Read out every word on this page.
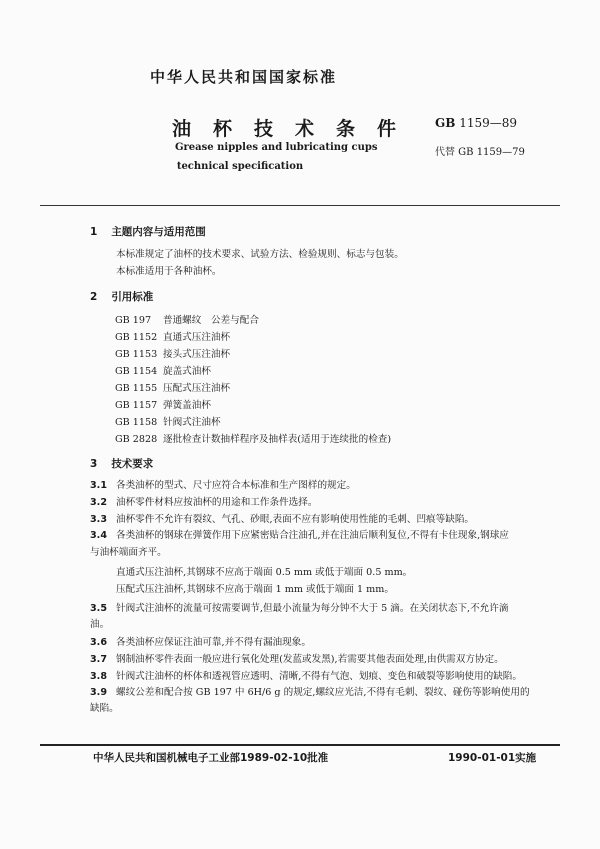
中华人民共和国国家标准
油杯技术条件 GB 1159—89
代替 GB 1159—79
Grease nipples and lubricating cups
technical specification
1 主题内容与适用范围
本标准规定了油杯的技术要求、试验方法、检验规则、标志与包装。
本标准适用于各种油杯。
2 引用标准
GB 197 普通螺纹　公差与配合
GB 1152 直通式压注油杯
GB 1153 接头式压注油杯
GB 1154 旋盖式油杯
GB 1155 压配式压注油杯
GB 1157 弹簧盖油杯
GB 1158 针阀式注油杯
GB 2828 逐批检查计数抽样程序及抽样表(适用于连续批的检查)
3 技术要求
3.1 各类油杯的型式、尺寸应符合本标准和生产图样的规定。
3.2 油杯零件材料应按油杯的用途和工作条件选择。
3.3 油杯零件不允许有裂纹、气孔、砂眼,表面不应有影响使用性能的毛刺、凹痕等缺陷。
3.4 各类油杯的钢球在弹簧作用下应紧密贴合注油孔,并在注油后顺利复位,不得有卡住现象,钢球应
与油杯端面齐平。
直通式压注油杯,其钢球不应高于端面 0.5 mm 或低于端面 0.5 mm。
压配式压注油杯,其钢球不应高于端面 1 mm 或低于端面 1 mm。
3.5 针阀式注油杯的流量可按需要调节,但最小流量为每分钟不大于 5 滴。在关闭状态下,不允许滴
油。
3.6 各类油杯应保证注油可靠,并不得有漏油现象。
3.7 钢制油杯零件表面一般应进行氧化处理(发蓝或发黑),若需要其他表面处理,由供需双方协定。
3.8 针阀式注油杯的杯体和透视管应透明、清晰,不得有气泡、划痕、变色和破裂等影响使用的缺陷。
3.9 螺纹公差和配合按 GB 197 中 6H/6 g 的规定,螺纹应光洁,不得有毛刺、裂纹、碰伤等影响使用的
缺陷。
中华人民共和国机械电子工业部1989-02-10批准	1990-01-01实施
